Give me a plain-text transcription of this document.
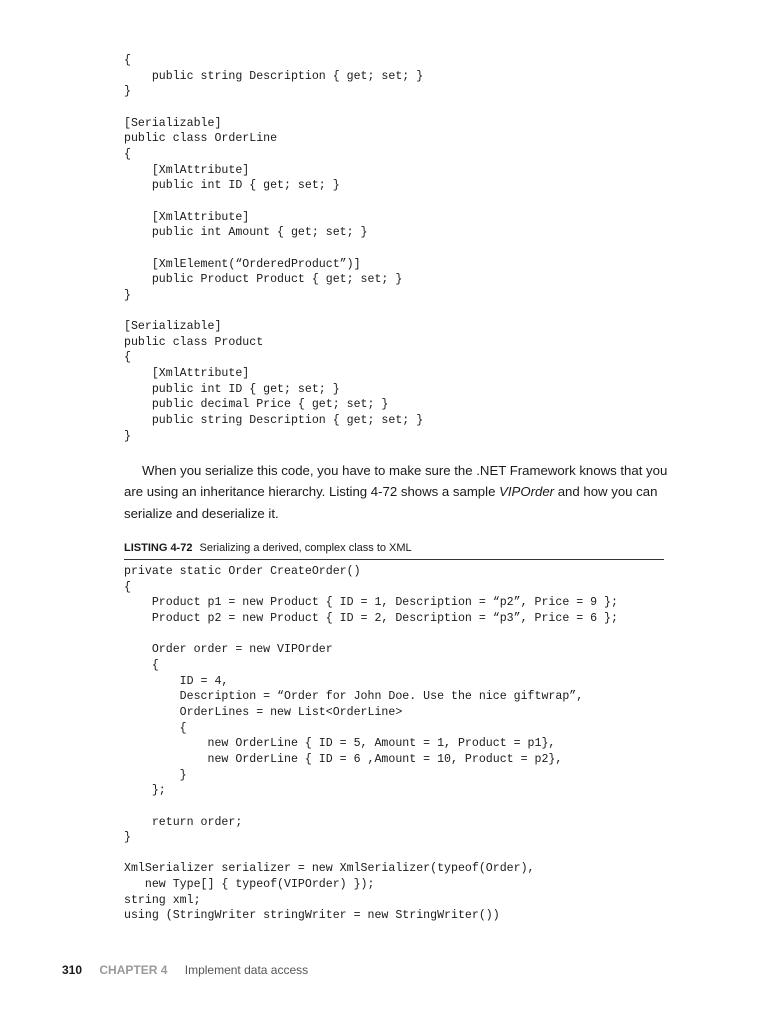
{
public string Description { get; set; }
}

[Serializable]
public class OrderLine
{
[XmlAttribute]
public int ID { get; set; }

[XmlAttribute]
public int Amount { get; set; }

[XmlElement(“OrderedProduct”)]
public Product Product { get; set; }
}

[Serializable]
public class Product
{
[XmlAttribute]
public int ID { get; set; }
public decimal Price { get; set; }
public string Description { get; set; }
}

When you serialize this code, you have to make sure the .NET Framework knows that you are using an inheritance hierarchy. Listing 4-72 shows a sample VIPOrder and how you can serialize and deserialize it.

LISTING 4-72 Serializing a derived, complex class to XML
private static Order CreateOrder()
{
Product p1 = new Product { ID = 1, Description = “p2”, Price = 9 };
Product p2 = new Product { ID = 2, Description = “p3”, Price = 6 };

Order order = new VIPOrder
{
ID = 4,
Description = “Order for John Doe. Use the nice giftwrap”,
OrderLines = new List<OrderLine>
{
new OrderLine { ID = 5, Amount = 1, Product = p1},
new OrderLine { ID = 6 ,Amount = 10, Product = p2},
}
};

return order;
}

XmlSerializer serializer = new XmlSerializer(typeof(Order),
new Type[] { typeof(VIPOrder) });
string xml;
using (StringWriter stringWriter = new StringWriter())
310 CHAPTER 4 Implement data access
